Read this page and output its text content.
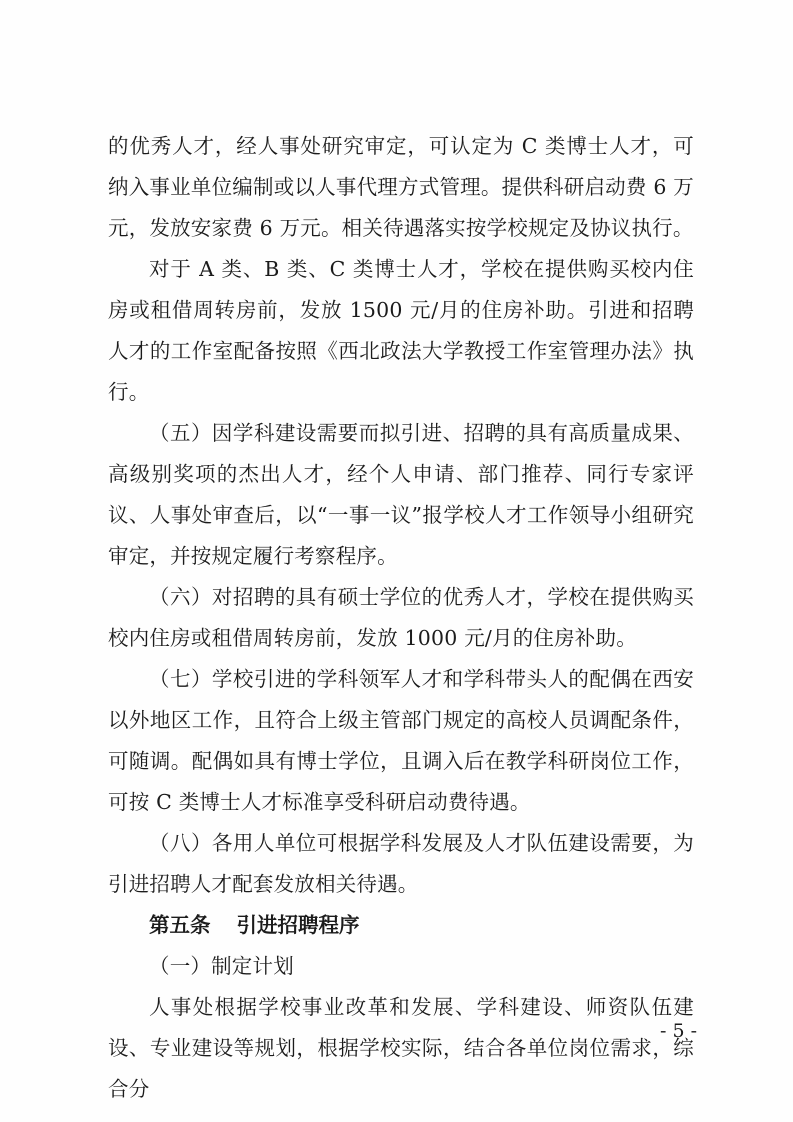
的优秀人才，经人事处研究审定，可认定为 C 类博士人才，可纳入事业单位编制或以人事代理方式管理。提供科研启动费 6 万元，发放安家费 6 万元。相关待遇落实按学校规定及协议执行。

对于 A 类、B 类、C 类博士人才，学校在提供购买校内住房或租借周转房前，发放 1500 元/月的住房补助。引进和招聘人才的工作室配备按照《西北政法大学教授工作室管理办法》执行。

（五）因学科建设需要而拟引进、招聘的具有高质量成果、高级别奖项的杰出人才，经个人申请、部门推荐、同行专家评议、人事处审查后，以“一事一议”报学校人才工作领导小组研究审定，并按规定履行考察程序。

（六）对招聘的具有硕士学位的优秀人才，学校在提供购买校内住房或租借周转房前，发放 1000 元/月的住房补助。

（七）学校引进的学科领军人才和学科带头人的配偶在西安以外地区工作，且符合上级主管部门规定的高校人员调配条件，可随调。配偶如具有博士学位，且调入后在教学科研岗位工作，可按 C 类博士人才标准享受科研启动费待遇。

（八）各用人单位可根据学科发展及人才队伍建设需要，为引进招聘人才配套发放相关待遇。

第五条 引进招聘程序

（一）制定计划

人事处根据学校事业改革和发展、学科建设、师资队伍建设、专业建设等规划，根据学校实际，结合各单位岗位需求，综合分

- 5 -
